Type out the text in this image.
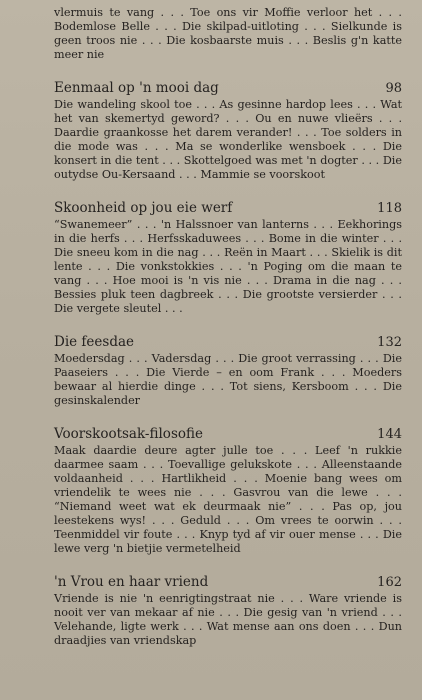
vlermuis te vang . . . Toe ons vir Moffie verloor het . . . Bodemlose Belle . . . Die skilpad-uitloting . . . Sielkunde is geen troos nie . . . Die kosbaarste muis . . . Beslis g'n katte meer nie

Eenmaal op 'n mooi dag	98

Die wandeling skool toe . . . As gesinne hardop lees . . . Wat het van skemertyd geword? . . . Ou en nuwe vlieërs . . . Daardie graankosse het darem verander! . . . Toe solders in die mode was . . . Ma se wonderlike wensboek . . . Die konsert in die tent . . . Skottelgoed was met 'n dogter . . . Die outydse Ou-Kersaand . . . Mammie se voorskoot

Skoonheid op jou eie werf	118

“Swanemeer” . . . 'n Halssnoer van lanterns . . . Eekhorings in die herfs . . . Herfsskaduwees . . . Bome in die winter . . . Die sneeu kom in die nag . . . Reën in Maart . . . Skielik is dit lente . . . Die vonkstokkies . . . 'n Poging om die maan te vang . . . Hoe mooi is 'n vis nie . . . Drama in die nag . . . Bessies pluk teen dagbreek . . . Die grootste versierder . . . Die vergete sleutel . . .

Die feesdae	132

Moedersdag . . . Vadersdag . . . Die groot verrassing . . . Die Paaseiers . . . Die Vierde – en oom Frank . . . Moeders bewaar al hierdie dinge . . . Tot siens, Kersboom . . . Die gesinskalender

Voorskootsak-filosofie	144

Maak daardie deure agter julle toe . . . Leef 'n rukkie daarmee saam . . . Toevallige gelukskote . . . Alleenstaande voldaanheid . . . Hartlikheid . . . Moenie bang wees om vriendelik te wees nie . . . Gasvrou van die lewe . . . “Niemand weet wat ek deurmaak nie” . . . Pas op, jou leestekens wys! . . . Geduld . . . Om vrees te oorwin . . . Teenmiddel vir foute . . . Knyp tyd af vir ouer mense . . . Die lewe verg 'n bietjie vermetelheid

'n Vrou en haar vriend	162

Vriende is nie 'n eenrigtingstraat nie . . . Ware vriende is nooit ver van mekaar af nie . . . Die gesig van 'n vriend . . . Velehande, ligte werk . . . Wat mense aan ons doen . . . Dun draadjies van vriendskap
